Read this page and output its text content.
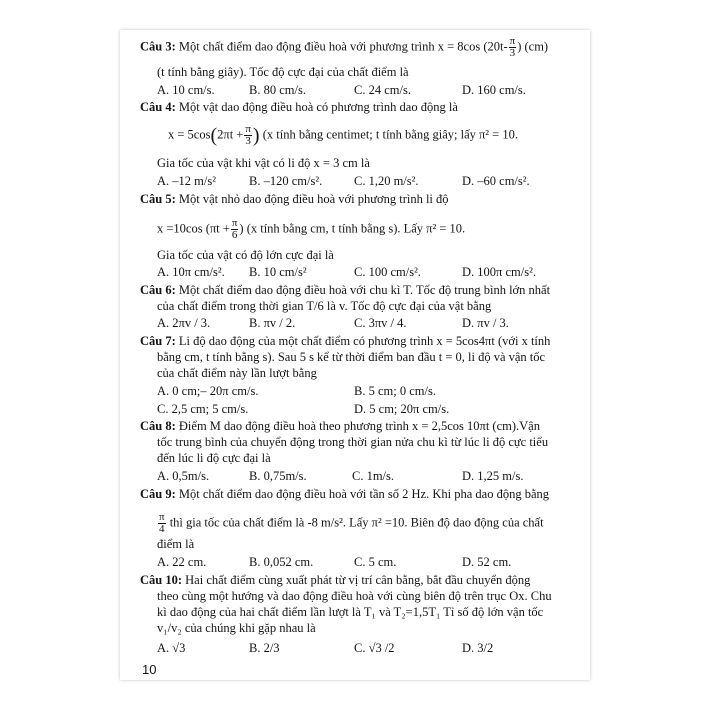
Câu 3: Một chất điểm dao động điều hoà với phương trình x = 8cos ($20t- \frac{\pi}{3}$ ) (cm)
(t tính bằng giây). Tốc độ cực đại của chất điểm là
A. 10 cm/s.	B. 80 cm/s.	C. 24 cm/s.	D. 160 cm/s.
Câu 4: Một vật dao động điều hoà có phương trình dao động là
$x = 5\cos(2\pi t + \frac{\pi}{3}$ ) (x tính bằng centimet; t tính bằng giây; lấy π² = 10.
Gia tốc của vật khi vật có li độ x = 3 cm là
A. –12 m/s²	B. –120 cm/s².	C. 1,20 m/s².	D. –60 cm/s².
Câu 5: Một vật nhỏ dao động điều hoà với phương trình li độ
x =10cos ($\pi t + \frac{\pi}{6}$ ) (x tính bằng cm, t tính bằng s). Lấy π² = 10.
Gia tốc của vật có độ lớn cực đại là
A. 10π cm/s². B. 10 cm/s²	C. 100 cm/s².	D. 100π cm/s².
Câu 6: Một chất điểm dao động điều hoà với chu kì T. Tốc độ trung bình lớn nhất
của chất điểm trong thời gian T/6 là v. Tốc độ cực đại của vật bằng
A. 2πv / 3.	B. πv / 2.	C. 3πv / 4.	D. πv / 3.
Câu 7: Li độ dao động của một chất điểm có phương trình x = 5cos4πt (với x tính
bằng cm, t tính bằng s). Sau 5 s kể từ thời điểm ban đầu t = 0, li độ và vận tốc
của chất điểm này lần lượt bằng
A. 0 cm;– 20π cm/s.	B. 5 cm; 0 cm/s.
C. 2,5 cm; 5 cm/s.	D. 5 cm; 20π cm/s.
Câu 8: Điểm M dao động điều hoà theo phương trình x = 2,5cos 10πt (cm).Vận
tốc trung bình của chuyển động trong thời gian nửa chu kì từ lúc li độ cực tiểu
đến lúc li độ cực đại là
A. 0,5m/s.	B. 0,75m/s.	C. 1m/s.	D. 1,25 m/s.
Câu 9: Một chất điểm dao động điều hoà với tần số 2 Hz. Khi pha dao động bằng
$\frac{\pi}{4}$ thì gia tốc của chất điểm là -8 m/s². Lấy π² =10. Biên độ dao động của chất
điểm là
A. 22 cm.	B. 0,052 cm.	C. 5 cm.	D. 52 cm.
Câu 10: Hai chất điểm cùng xuất phát từ vị trí cân bằng, bắt đầu chuyển động
theo cùng một hướng và dao động điều hoà với cùng biên độ trên trục Ox. Chu
kì dao động của hai chất điểm lần lượt là T₁ và T₂=1,5T₁ Tỉ số độ lớn vận tốc
v₁/v₂ của chúng khi gặp nhau là
A. √3	B. 2/3	C. √3 /2	D. 3/2
10
